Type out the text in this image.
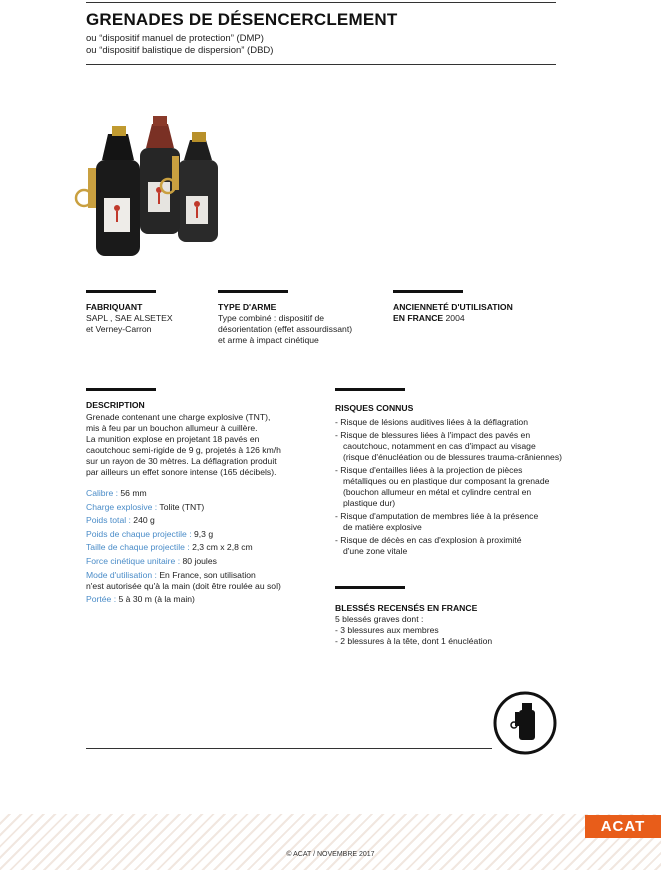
GRENADES DE DÉSENCERCLEMENT
ou “dispositif manuel de protection” (DMP)
ou “dispositif balistique de dispersion” (DBD)
FABRIQUANT
SAPL , SAE ALSETEX
et Verney-Carron
TYPE D'ARME
Type combiné : dispositif de
désorientation (effet assourdissant)
et arme à impact cinétique
ANCIENNETÉ D'UTILISATION
EN FRANCE 2004
DESCRIPTION
Grenade contenant une charge explosive (TNT),
mis à feu par un bouchon allumeur à cuillère.
La munition explose en projetant 18 pavés en
caoutchouc semi-rigide de 9 g, projetés à 126 km/h
sur un rayon de 30 mètres. La déflagration produit
par ailleurs un effet sonore intense (165 décibels).
Calibre : 56 mm
Charge explosive : Tolite (TNT)
Poids total : 240 g
Poids de chaque projectile : 9,3 g
Taille de chaque projectile : 2,3 cm x 2,8 cm
Force cinétique unitaire : 80 joules
Mode d'utilisation : En France, son utilisation
n'est autorisée qu'à la main (doit être roulée au sol)
Portée : 5 à 30 m (à la main)
RISQUES CONNUS
- Risque de lésions auditives liées à la déflagration
- Risque de blessures liées à l'impact des pavés en
caoutchouc, notamment en cas d'impact au visage
(risque d'énucléation ou de blessures trauma-crâniennes)
- Risque d'entailles liées à la projection de pièces
métalliques ou en plastique dur composant la grenade
(bouchon allumeur en métal et cylindre central en
plastique dur)
- Risque d'amputation de membres liée à la présence
de matière explosive
- Risque de décès en cas d'explosion à proximité
d'une zone vitale
BLESSÉS RECENSÉS EN FRANCE
5 blessés graves dont :
- 3 blessures aux membres
- 2 blessures à la tête, dont 1 énucléation
ACAT
© ACAT / NOVEMBRE 2017
